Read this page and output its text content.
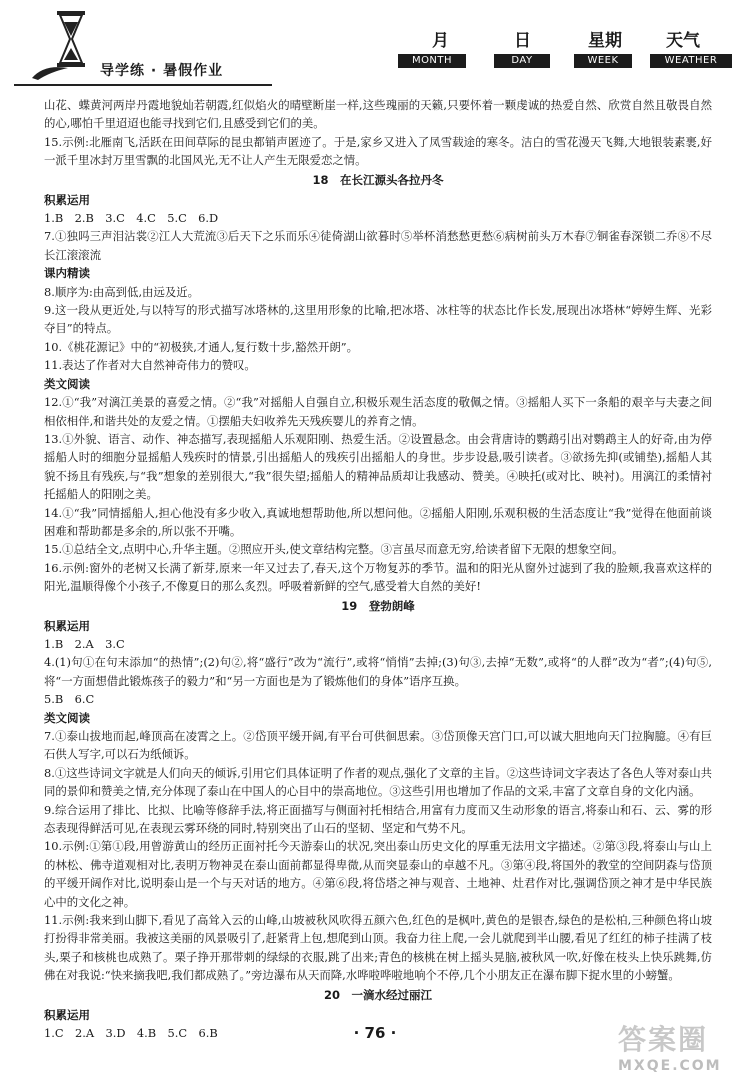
导学练 · 暑假作业
月	日	星期	天气
MONTH	DAY	WEEK	WEATHER
山花、蝶黄河两岸丹霞地貌灿若朝霞,红似焰火的晴壁断崖一样,这些瑰丽的天籁,只要怀着一颗虔诚的热爱自然、欣赏自然且敬畏自然的心,哪怕千里迢迢也能寻找到它们,且感受到它们的美。
15.示例:北雁南飞,活跃在田间草际的昆虫都销声匿迹了。于是,家乡又进入了凤雪载途的寒冬。洁白的雪花漫天飞舞,大地银装素裹,好一派千里冰封万里雪飘的北国风光,无不让人产生无限爱恋之情。
18　在长江源头各拉丹冬
积累运用
1.B　2.B　3.C　4.C　5.C　6.D
7.①独吗三声泪沾裳②江人大荒流③后天下之乐而乐④徒倚湖山欲暮时⑤举杯消愁愁更愁⑥病树前头万木春⑦铜雀春深锁二乔⑧不尽长江滚滚流
课内精读
8.顺序为:由高到低,由远及近。
9.这一段从更近处,与以特写的形式描写冰塔林的,这里用形象的比喻,把冰塔、冰柱等的状态比作长发,展现出冰塔林“婷婷生辉、光彩夺目”的特点。
10.《桃花源记》中的“初极狭,才通人,复行数十步,豁然开朗”。
11.表达了作者对大自然神奇伟力的赞叹。
类文阅读
12.①“我”对漓江美景的喜爱之情。②“我”对摇船人自强自立,积极乐观生活态度的敬佩之情。③摇船人买下一条船的艰辛与夫妻之间相依相伴,和谐共处的友爱之情。①摆船夫妇收养先天残疾婴儿的养育之情。
13.①外貌、语言、动作、神态描写,表现摇船人乐观阳刚、热爱生活。②设置悬念。由会背唐诗的鹦鹉引出对鹦鹉主人的好奇,由为停摇船人时的细胞分显摇船人残疾时的情景,引出摇船人的残疾引出摇船人的身世。步步设悬,吸引读者。③欲扬先抑(或铺垫),摇船人其貌不扬且有残疾,与“我”想象的差别很大,“我”很失望;摇船人的精神品质却让我感动、赞美。④映托(或对比、映衬)。用漓江的柔情衬托摇船人的阳刚之美。
14.①“我”同情摇船人,担心他没有多少收入,真诚地想帮助他,所以想问他。②摇船人阳刚,乐观积极的生活态度让“我”觉得在他面前谈困难和帮助都是多余的,所以张不开嘴。
15.①总结全文,点明中心,升华主题。②照应开头,使文章结构完整。③言虽尽而意无穷,给读者留下无限的想象空间。
16.示例:窗外的老树又长满了新芽,原来一年又过去了,春天,这个万物复苏的季节。温和的阳光从窗外过滤到了我的脸颊,我喜欢这样的阳光,温顺得像个小孩子,不像夏日的那么炙烈。呼吸着新鲜的空气,感受着大自然的美好!
19　登勃朗峰
积累运用
1.B　2.A　3.C
4.(1)句①在句末添加“的热情”;(2)句②,将“盛行”改为“流行”,或将“悄悄”去掉;(3)句③,去掉“无数”,或将“的人群”改为“者”;(4)句⑤,将“一方面想借此锻炼孩子的毅力”和“另一方面也是为了锻炼他们的身体”语序互换。
5.B　6.C
类文阅读
7.①泰山拔地而起,峰顶高在凌霄之上。②岱顶平缓开阔,有平台可供徊思索。③岱顶像天宫门口,可以诚大胆地向天门拉胸臆。④有巨石供人写字,可以石为纸倾诉。
8.①这些诗词文字就是人们向天的倾诉,引用它们具体证明了作者的观点,强化了文章的主旨。②这些诗词文字表达了各色人等对泰山共同的景仰和赞美之情,充分体现了泰山在中国人的心目中的崇高地位。③这些引用也增加了作品的文采,丰富了文章自身的文化内涵。
9.综合运用了排比、比拟、比喻等修辞手法,将正面描写与侧面衬托相结合,用富有力度而又生动形象的语言,将泰山和石、云、雾的形态表现得鲜活可见,在表现云雾环绕的同时,特别突出了山石的坚韧、坚定和气势不凡。
10.示例:①第①段,用曾游黄山的经历正面衬托今天游泰山的状况,突出泰山历史文化的厚重无法用文字描述。②第③段,将泰山与山上的林松、佛寺道观相对比,表明万物神灵在泰山面前都显得卑微,从而突显泰山的卓越不凡。③第④段,将国外的教堂的空间阴森与岱顶的平缓开阔作对比,说明泰山是一个与天对话的地方。④第⑥段,将岱塔之神与观音、土地神、灶君作对比,强调岱顶之神才是中华民族心中的文化之神。
11.示例:我来到山脚下,看见了高耸入云的山峰,山坡被秋风吹得五颜六色,红色的是枫叶,黄色的是银杏,绿色的是松柏,三种颜色将山坡打扮得非常美丽。我被这美丽的风景吸引了,赶紧背上包,想爬到山顶。我奋力往上爬,一会儿就爬到半山腰,看见了红红的柿子挂满了枝头,栗子和核桃也成熟了。栗子挣开那带刺的绿绿的衣服,跳了出来;青色的核桃在树上摇头晃脑,被秋风一吹,好像在枝头上快乐跳舞,仿佛在对我说:“快来摘我吧,我们都成熟了。”旁边瀑布从天而降,水哗啦哗啦地响个不停,几个小朋友正在瀑布脚下捉水里的小螃蟹。
20　一滴水经过丽江
积累运用
1.C　2.A　3.D　4.B　5.C　6.B	· 76 ·	答案圈
MXQE.COM
